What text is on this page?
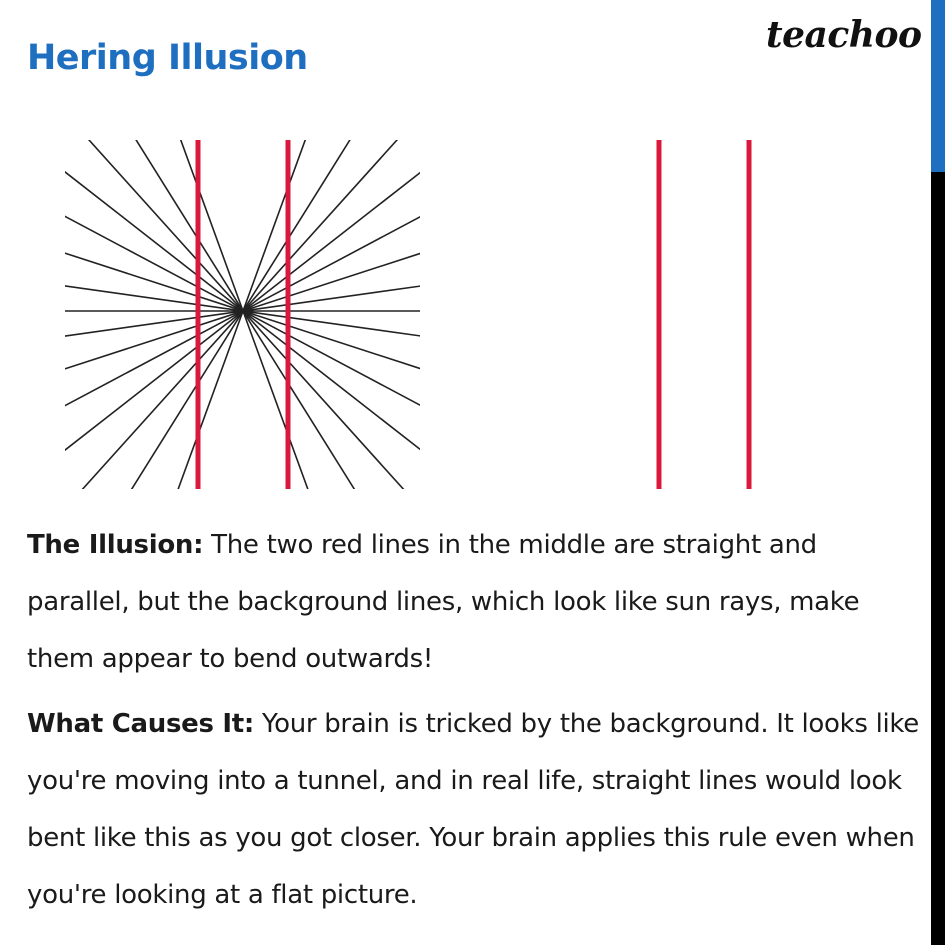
Hering Illusion
teachoo
The Illusion: The two red lines in the middle are straight and parallel, but the background lines, which look like sun rays, make them appear to bend outwards!
What Causes It: Your brain is tricked by the background. It looks like you're moving into a tunnel, and in real life, straight lines would look bent like this as you got closer. Your brain applies this rule even when you're looking at a flat picture.
